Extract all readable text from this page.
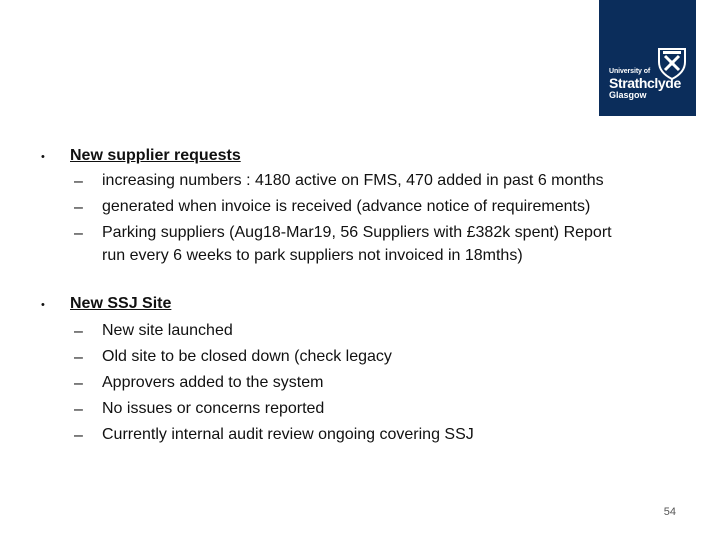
University of
Strathclyde
Glasgow
• New supplier requests
– increasing numbers : 4180 active on FMS, 470 added in past 6 months
– generated when invoice is received (advance notice of requirements)
– Parking suppliers (Aug18-Mar19, 56 Suppliers with £382k spent) Report
run every 6 weeks to park suppliers not invoiced in 18mths)
• New SSJ Site
– New site launched
– Old site to be closed down (check legacy
– Approvers added to the system
– No issues or concerns reported
– Currently internal audit review ongoing covering SSJ
54
